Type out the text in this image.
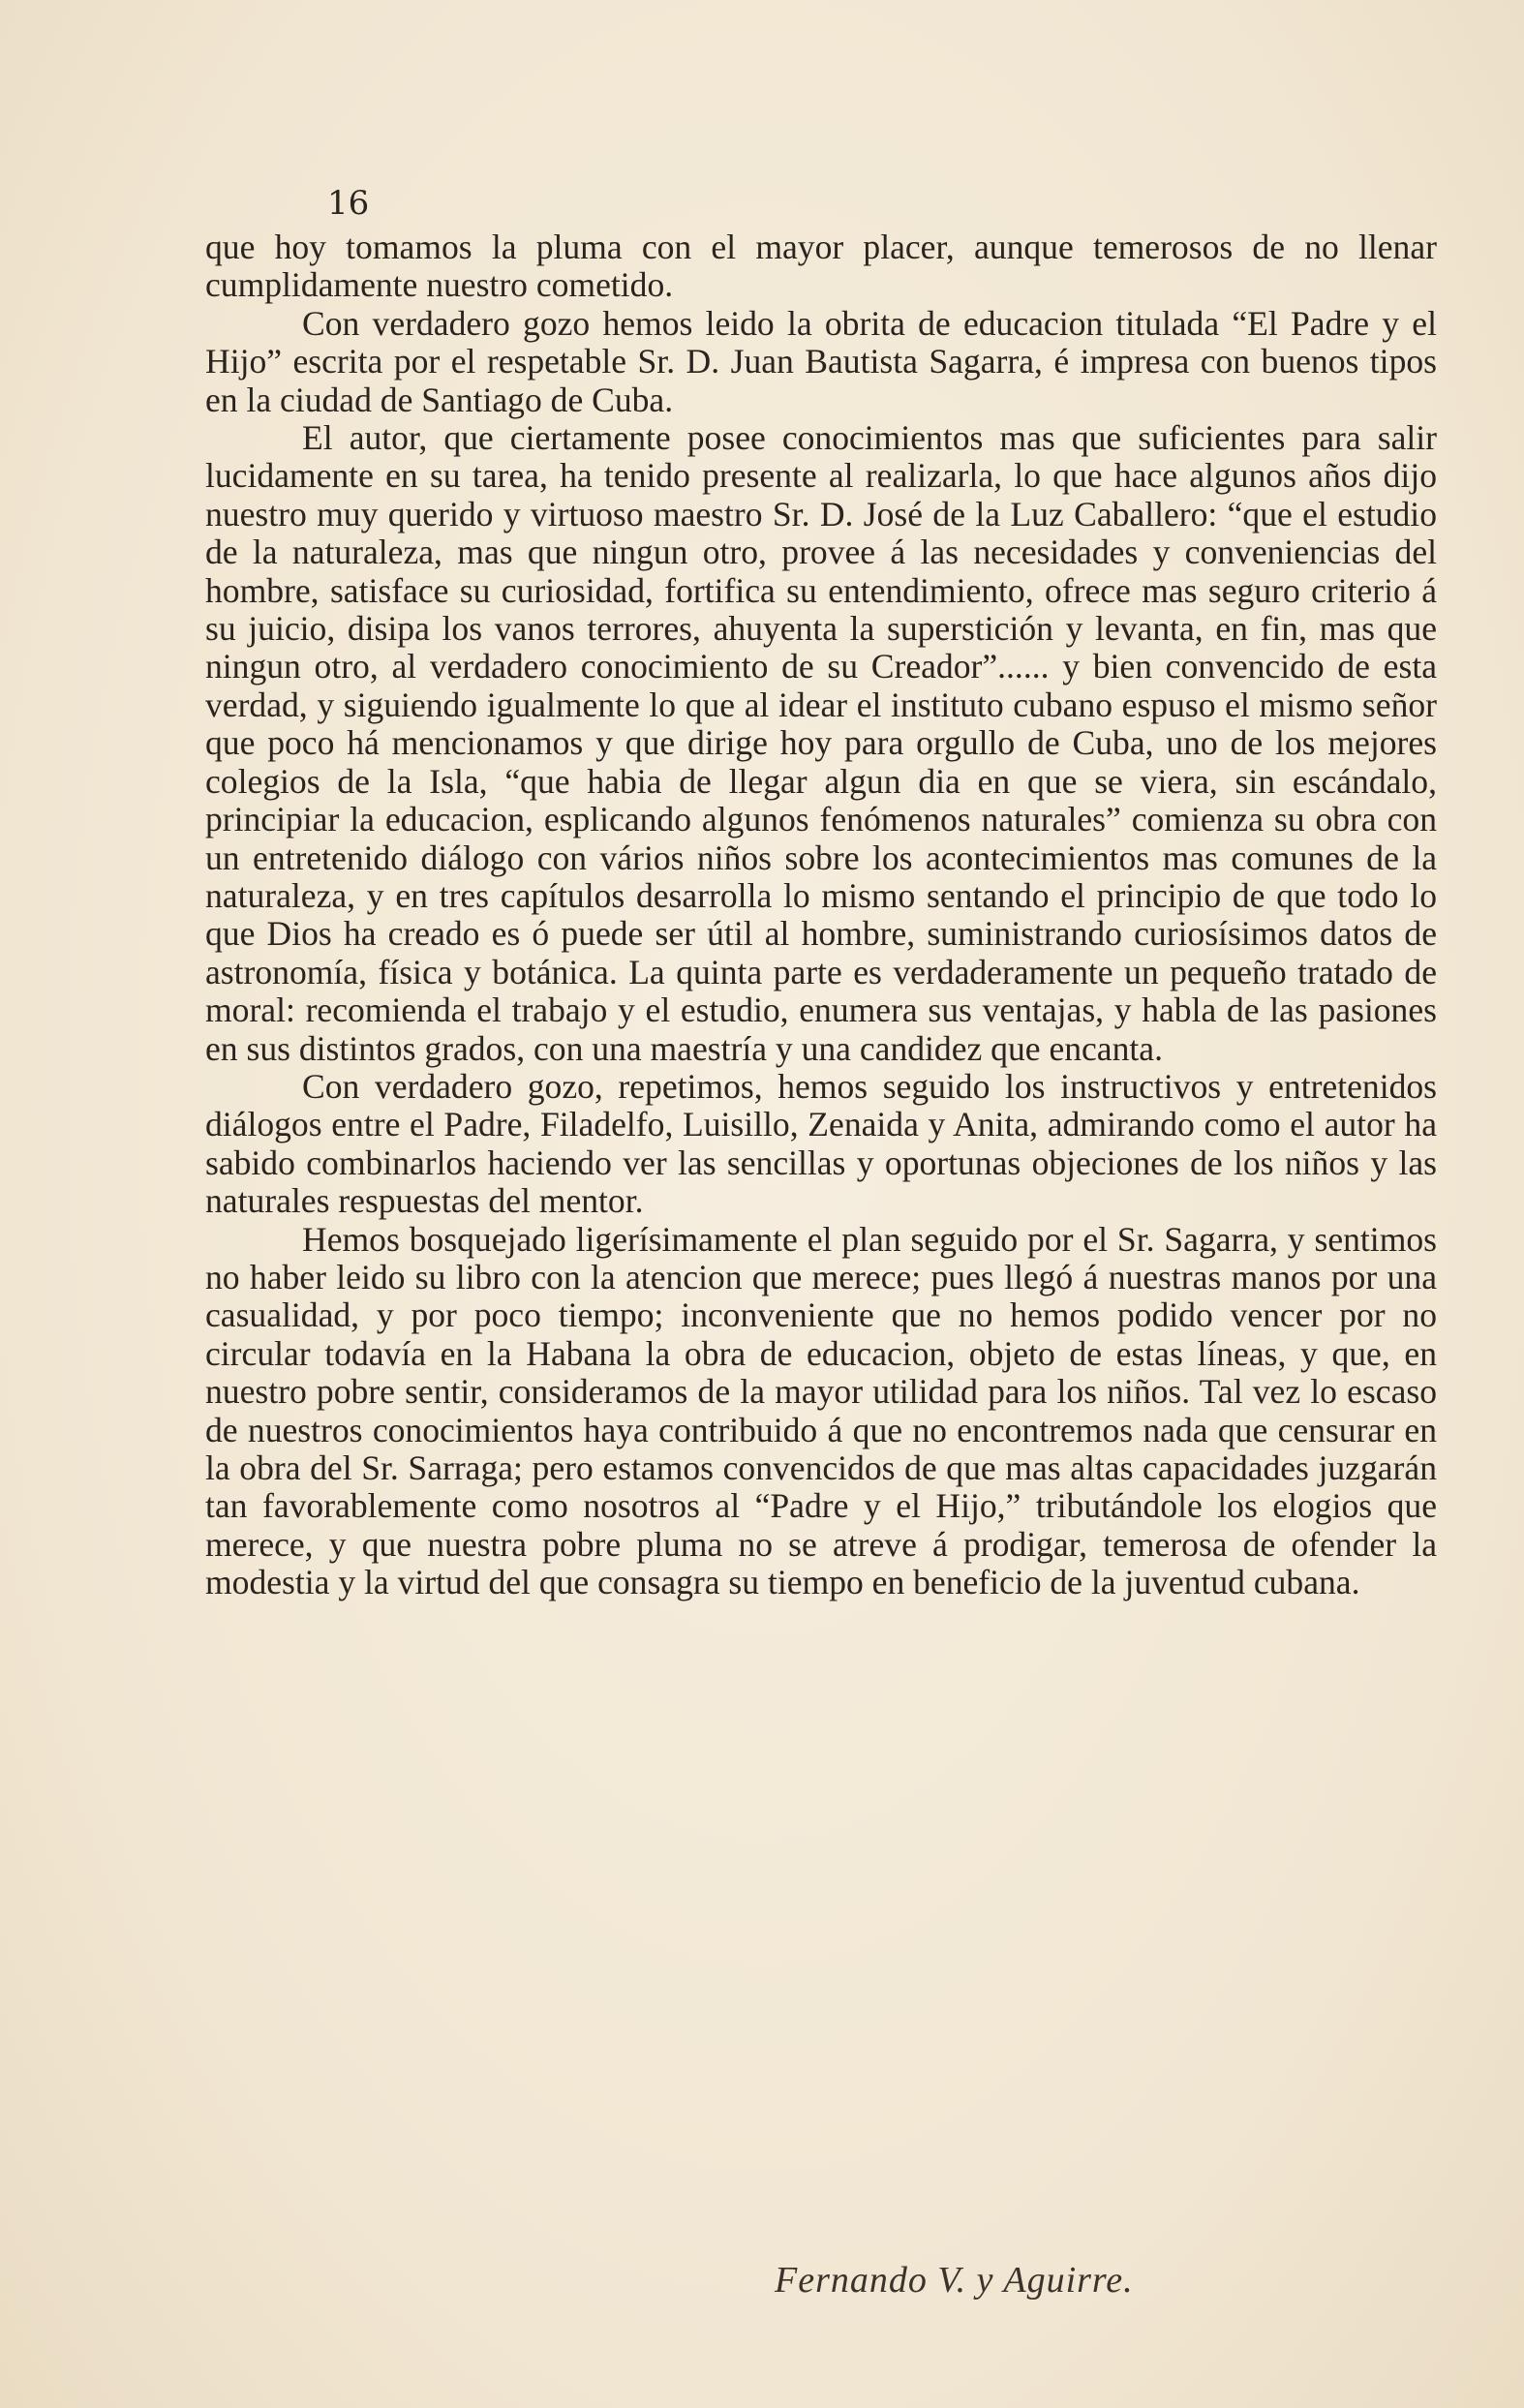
16

que hoy tomamos la pluma con el mayor placer, aunque temerosos de no llenar cumplidamente nuestro cometido.

Con verdadero gozo hemos leido la obrita de educacion titulada “El Padre y el Hijo” escrita por el respetable Sr. D. Juan Bautista Sagarra, é impresa con buenos tipos en la ciudad de Santiago de Cuba.

El autor, que ciertamente posee conocimientos mas que suficientes para salir lucidamente en su tarea, ha tenido presente al realizarla, lo que hace algunos años dijo nuestro muy querido y virtuoso maestro Sr. D. José de la Luz Caballero: “que el estudio de la naturaleza, mas que ningun otro, provee á las necesidades y conveniencias del hombre, satisface su curiosidad, fortifica su entendimiento, ofrece mas seguro criterio á su juicio, disipa los vanos terrores, ahuyenta la superstición y levanta, en fin, mas que ningun otro, al verdadero conocimiento de su Creador”...... y bien convencido de esta verdad, y siguiendo igualmente lo que al idear el instituto cubano espuso el mismo señor que poco há mencionamos y que dirige hoy para orgullo de Cuba, uno de los mejores colegios de la Isla, “que habia de llegar algun dia en que se viera, sin escándalo, principiar la educacion, esplicando algunos fenómenos naturales” comienza su obra con un entretenido diálogo con vários niños sobre los acontecimientos mas comunes de la naturaleza, y en tres capítulos desarrolla lo mismo sentando el principio de que todo lo que Dios ha creado es ó puede ser útil al hombre, suministrando curiosísimos datos de astronomía, física y botánica. La quinta parte es verdaderamente un pequeño tratado de moral: recomienda el trabajo y el estudio, enumera sus ventajas, y habla de las pasiones en sus distintos grados, con una maestría y una candidez que encanta.

Con verdadero gozo, repetimos, hemos seguido los instructivos y entretenidos diálogos entre el Padre, Filadelfo, Luisillo, Zenaida y Anita, admirando como el autor ha sabido combinarlos haciendo ver las sencillas y oportunas objeciones de los niños y las naturales respuestas del mentor.

Hemos bosquejado ligerísimamente el plan seguido por el Sr. Sagarra, y sentimos no haber leido su libro con la atencion que merece; pues llegó á nuestras manos por una casualidad, y por poco tiempo; inconveniente que no hemos podido vencer por no circular todavía en la Habana la obra de educacion, objeto de estas líneas, y que, en nuestro pobre sentir, consideramos de la mayor utilidad para los niños. Tal vez lo escaso de nuestros conocimientos haya contribuido á que no encontremos nada que censurar en la obra del Sr. Sarraga; pero estamos convencidos de que mas altas capacidades juzgarán tan favorablemente como nosotros al “Padre y el Hijo,” tributándole los elogios que merece, y que nuestra pobre pluma no se atreve á prodigar, temerosa de ofender la modestia y la virtud del que consagra su tiempo en beneficio de la juventud cubana.

Fernando V. y Aguirre.
